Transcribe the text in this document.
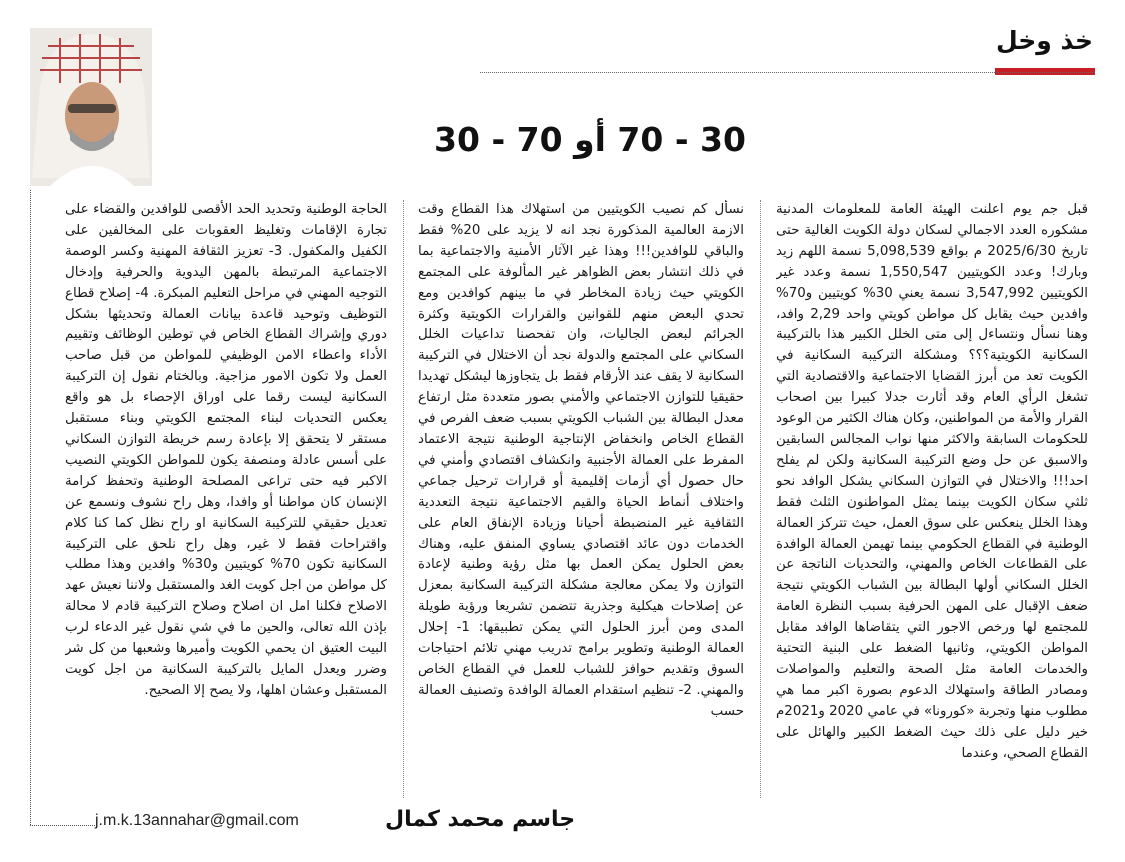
خذ وخل
30 - 70 أو 70 - 30

قبل جم يوم اعلنت الهيئة العامة للمعلومات المدنية مشكوره العدد الاجمالي لسكان دولة الكويت الغالية حتى تاريخ 2025/6/30 م بواقع 5,098,539 نسمة اللهم زيد وبارك! وعدد الكويتيين 1,550,547 نسمة وعدد غير الكويتيين 3,547,992 نسمة يعني 30% كويتيين و70% وافدين حيث يقابل كل مواطن كويتي واحد 2,29 وافد، وهنا نسأل ونتساءل إلى متى الخلل الكبير هذا بالتركيبة السكانية الكويتية؟؟؟ ومشكلة التركيبة السكانية في الكويت تعد من أبرز القضايا الاجتماعية والاقتصادية التي تشغل الرأي العام وقد أثارت جدلا كبيرا بين اصحاب القرار والأمة من المواطنين، وكان هناك الكثير من الوعود للحكومات السابقة والاكثر منها نواب المجالس السابقين والاسبق عن حل وضع التركيبة السكانية ولكن لم يفلح احد!!! والاختلال في التوازن السكاني يشكل الوافد نحو ثلثي سكان الكويت بينما يمثل المواطنون الثلث فقط وهذا الخلل ينعكس على سوق العمل، حيث تتركز العمالة الوطنية في القطاع الحكومي بينما تهيمن العمالة الوافدة على القطاعات الخاص والمهني، والتحديات الناتجة عن الخلل السكاني أولها البطالة بين الشباب الكويتي نتيجة ضعف الإقبال على المهن الحرفية بسبب النظرة العامة للمجتمع لها ورخص الاجور التي يتقاضاها الوافد مقابل المواطن الكويتي، وثانيها الضغط على البنية التحتية والخدمات العامة مثل الصحة والتعليم والمواصلات ومصادر الطاقة واستهلاك الدعوم بصورة اكبر مما هي مطلوب منها وتجربة «كورونا» في عامي 2020 و2021م خير دليل على ذلك حيث الضغط الكبير والهائل على القطاع الصحي، وعندما

نسأل كم نصيب الكويتيين من استهلاك هذا القطاع وقت الازمة العالمية المذكورة نجد انه لا يزيد على 20% فقط والباقي للوافدين!!! وهذا غير الآثار الأمنية والاجتماعية بما في ذلك انتشار بعض الظواهر غير المألوفة على المجتمع الكويتي حيث زيادة المخاطر في ما بينهم كوافدين ومع تحدي البعض منهم للقوانين والقرارات الكويتية وكثرة الجرائم لبعض الجاليات، وان تفحصنا تداعيات الخلل السكاني على المجتمع والدولة نجد أن الاختلال في التركيبة السكانية لا يقف عند الأرقام فقط بل يتجاوزها ليشكل تهديدا حقيقيا للتوازن الاجتماعي والأمني بصور متعددة مثل ارتفاع معدل البطالة بين الشباب الكويتي بسبب ضعف الفرص في القطاع الخاص وانخفاض الإنتاجية الوطنية نتيجة الاعتماد المفرط على العمالة الأجنبية وانكشاف اقتصادي وأمني في حال حصول أي أزمات إقليمية أو قرارات ترحيل جماعي واختلاف أنماط الحياة والقيم الاجتماعية نتيجة التعددية الثقافية غير المنضبطة أحيانا وزيادة الإنفاق العام على الخدمات دون عائد اقتصادي يساوي المنفق عليه، وهناك بعض الحلول يمكن العمل بها مثل رؤية وطنية لإعادة التوازن ولا يمكن معالجة مشكلة التركيبة السكانية بمعزل عن إصلاحات هيكلية وجذرية تتضمن تشريعا ورؤية طويلة المدى ومن أبرز الحلول التي يمكن تطبيقها: 1- إحلال العمالة الوطنية وتطوير برامج تدريب مهني تلائم احتياجات السوق وتقديم حوافز للشباب للعمل في القطاع الخاص والمهني. 2- تنظيم استقدام العمالة الوافدة وتصنيف العمالة حسب

الحاجة الوطنية وتحديد الحد الأقصى للوافدين والقضاء على تجارة الإقامات وتغليظ العقوبات على المخالفين على الكفيل والمكفول. 3- تعزيز الثقافة المهنية وكسر الوصمة الاجتماعية المرتبطة بالمهن اليدوية والحرفية وإدخال التوجيه المهني في مراحل التعليم المبكرة. 4- إصلاح قطاع التوظيف وتوحيد قاعدة بيانات العمالة وتحديثها بشكل دوري وإشراك القطاع الخاص في توطين الوظائف وتقييم الأداء واعطاء الامن الوظيفي للمواطن من قبل صاحب العمل ولا تكون الامور مزاجية. وبالختام نقول إن التركيبة السكانية ليست رقما على اوراق الإحصاء بل هو واقع يعكس التحديات لبناء المجتمع الكويتي وبناء مستقبل مستقر لا يتحقق إلا بإعادة رسم خريطة التوازن السكاني على أسس عادلة ومنصفة يكون للمواطن الكويتي النصيب الاكبر فيه حتى تراعى المصلحة الوطنية وتحفظ كرامة الإنسان كان مواطنا أو وافدا، وهل راح نشوف ونسمع عن تعديل حقيقي للتركيبة السكانية او راح نظل كما كنا كلام واقتراحات فقط لا غير، وهل راح نلحق على التركيبة السكانية تكون 70% كويتيين و30% وافدين وهذا مطلب كل مواطن من اجل كويت الغد والمستقبل ولاننا نعيش عهد الاصلاح فكلنا امل ان اصلاح وصلاح التركيبة قادم لا محالة بإذن الله تعالى، والحين ما في شي نقول غير الدعاء لرب البيت العتيق ان يحمي الكويت وأميرها وشعبها من كل شر وضرر ويعدل المايل بالتركيبة السكانية من اجل كويت المستقبل وعشان اهلها، ولا يصح إلا الصحيح.

جاسم محمد كمال
j.m.k.13annahar@gmail.com
